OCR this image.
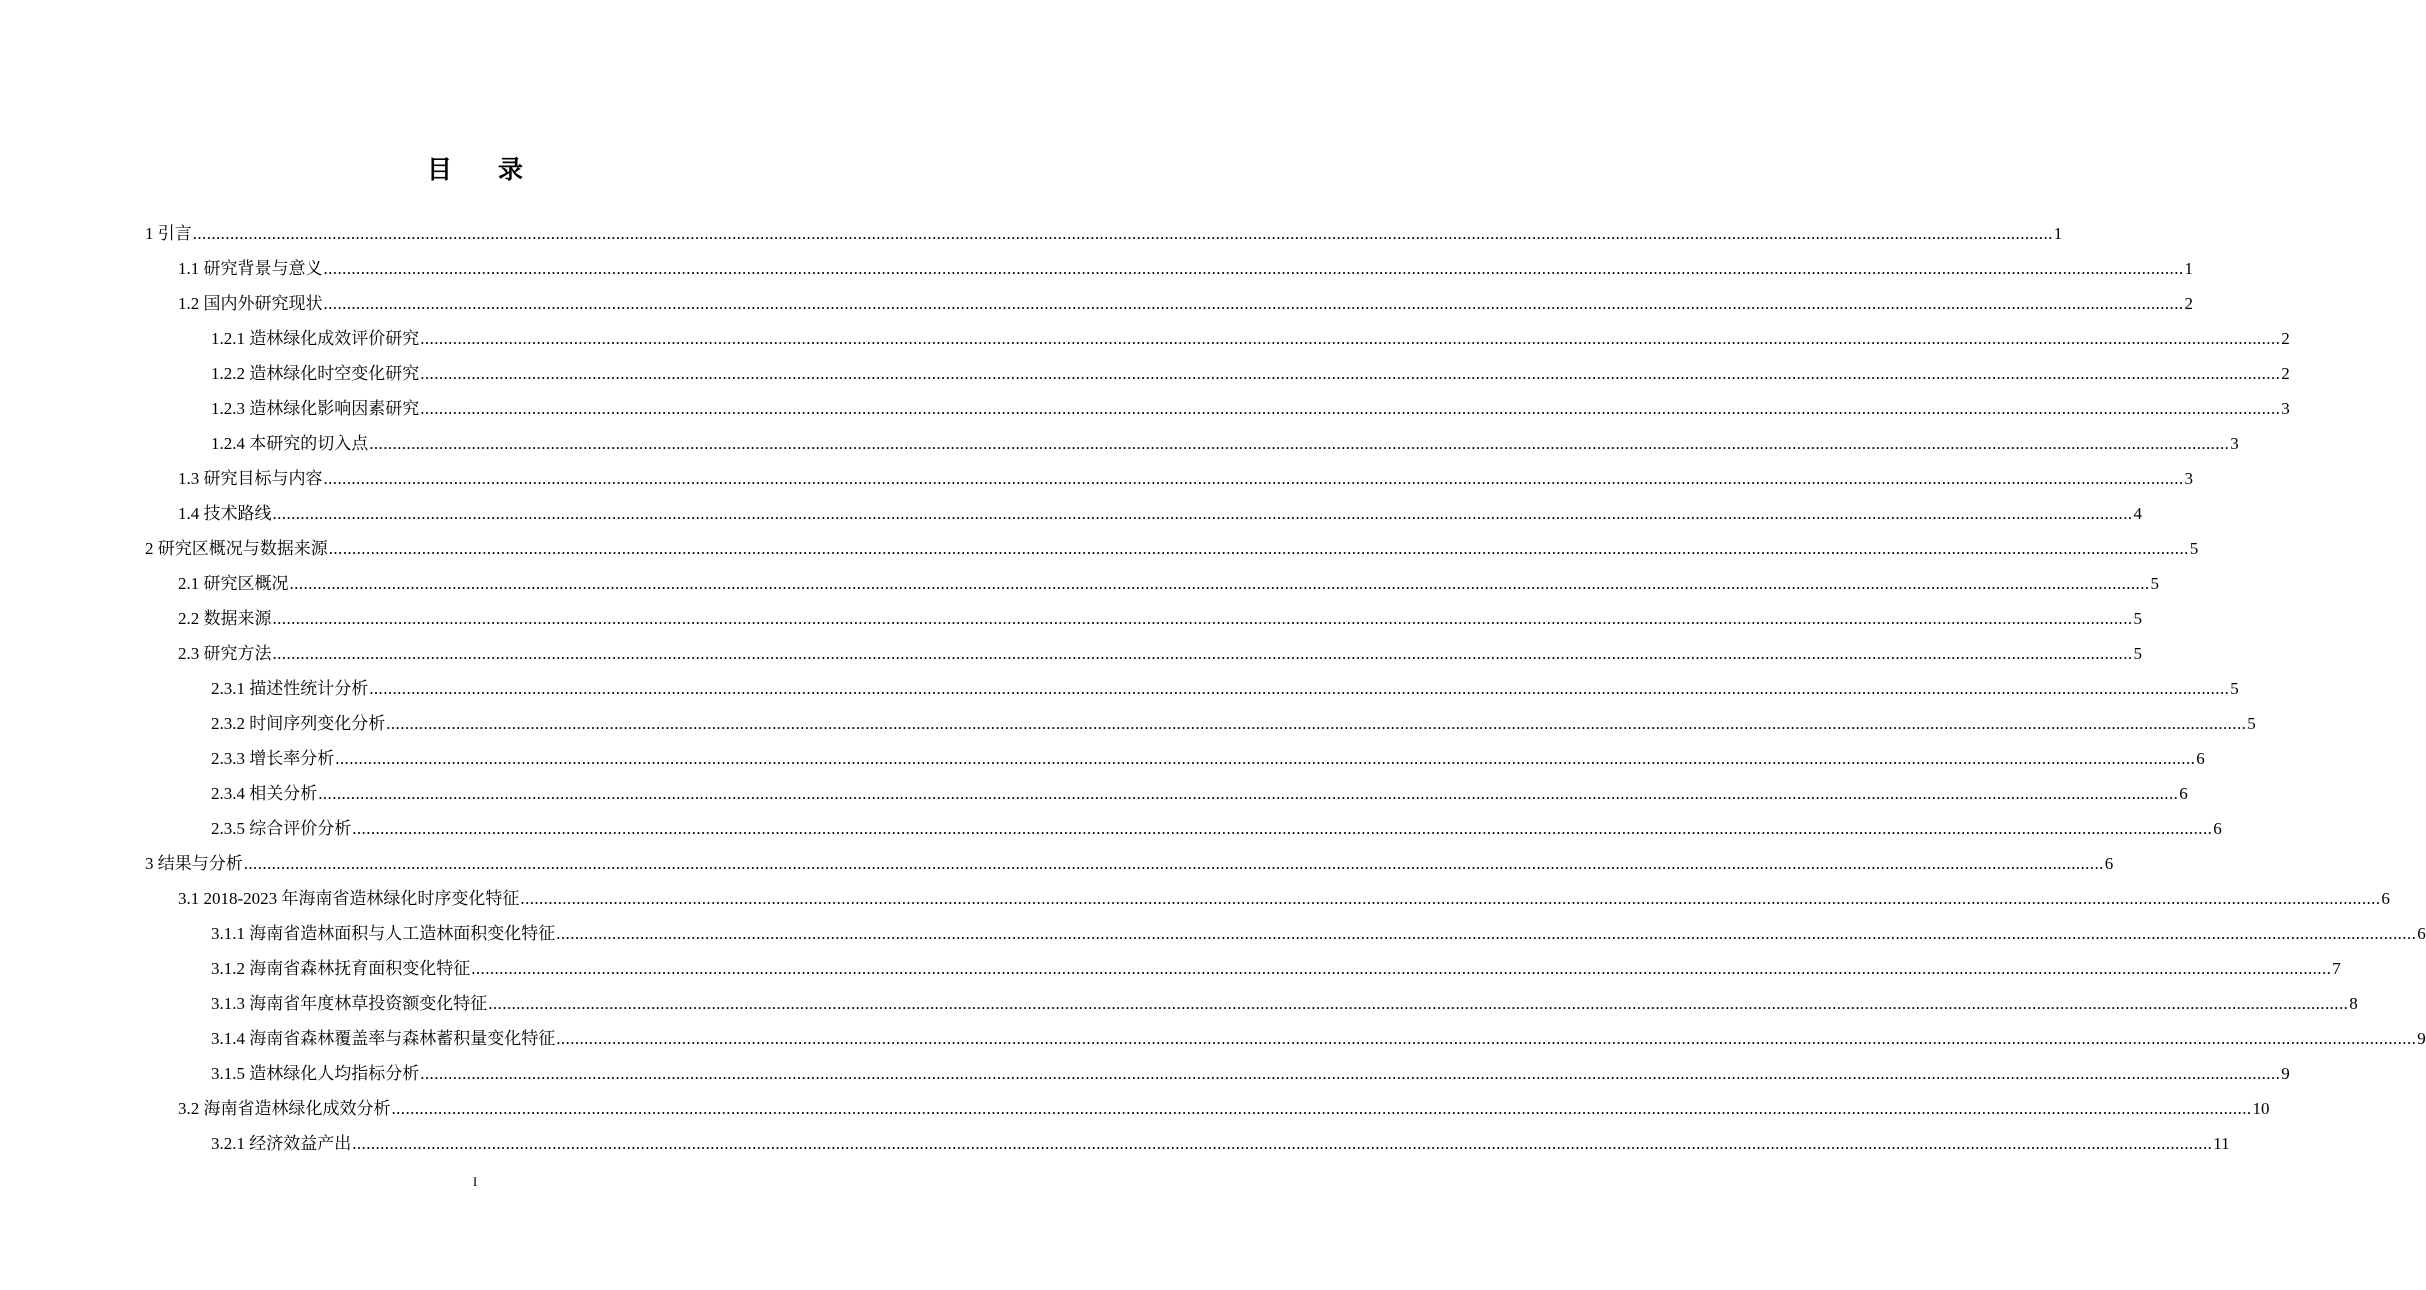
目录
1 引言 ................................................................................................................................................................................................................................................................................................................................................................................................................ 1
1.1 研究背景与意义 ................................................................................................................................................................................................................................................................................................................................................................................................................ 1
1.2 国内外研究现状 ................................................................................................................................................................................................................................................................................................................................................................................................................ 2
1.2.1 造林绿化成效评价研究 ................................................................................................................................................................................................................................................................................................................................................................................................................ 2
1.2.2 造林绿化时空变化研究 ................................................................................................................................................................................................................................................................................................................................................................................................................ 2
1.2.3 造林绿化影响因素研究 ................................................................................................................................................................................................................................................................................................................................................................................................................ 3
1.2.4 本研究的切入点 ................................................................................................................................................................................................................................................................................................................................................................................................................ 3
1.3 研究目标与内容 ................................................................................................................................................................................................................................................................................................................................................................................................................ 3
1.4 技术路线 ................................................................................................................................................................................................................................................................................................................................................................................................................ 4
2 研究区概况与数据来源 ................................................................................................................................................................................................................................................................................................................................................................................................................ 5
2.1 研究区概况 ................................................................................................................................................................................................................................................................................................................................................................................................................ 5
2.2 数据来源 ................................................................................................................................................................................................................................................................................................................................................................................................................ 5
2.3 研究方法 ................................................................................................................................................................................................................................................................................................................................................................................................................ 5
2.3.1 描述性统计分析 ................................................................................................................................................................................................................................................................................................................................................................................................................ 5
2.3.2 时间序列变化分析 ................................................................................................................................................................................................................................................................................................................................................................................................................ 5
2.3.3 增长率分析 ................................................................................................................................................................................................................................................................................................................................................................................................................ 6
2.3.4 相关分析 ................................................................................................................................................................................................................................................................................................................................................................................................................ 6
2.3.5 综合评价分析 ................................................................................................................................................................................................................................................................................................................................................................................................................ 6
3 结果与分析 ................................................................................................................................................................................................................................................................................................................................................................................................................ 6
3.1 2018-2023 年海南省造林绿化时序变化特征 ................................................................................................................................................................................................................................................................................................................................................................................................................ 6
3.1.1 海南省造林面积与人工造林面积变化特征 ................................................................................................................................................................................................................................................................................................................................................................................................................ 6
3.1.2 海南省森林抚育面积变化特征 ................................................................................................................................................................................................................................................................................................................................................................................................................ 7
3.1.3 海南省年度林草投资额变化特征 ................................................................................................................................................................................................................................................................................................................................................................................................................ 8
3.1.4 海南省森林覆盖率与森林蓄积量变化特征 ................................................................................................................................................................................................................................................................................................................................................................................................................ 9
3.1.5 造林绿化人均指标分析 ................................................................................................................................................................................................................................................................................................................................................................................................................ 9
3.2 海南省造林绿化成效分析 ................................................................................................................................................................................................................................................................................................................................................................................................................ 10
3.2.1 经济效益产出 ................................................................................................................................................................................................................................................................................................................................................................................................................ 11
I
